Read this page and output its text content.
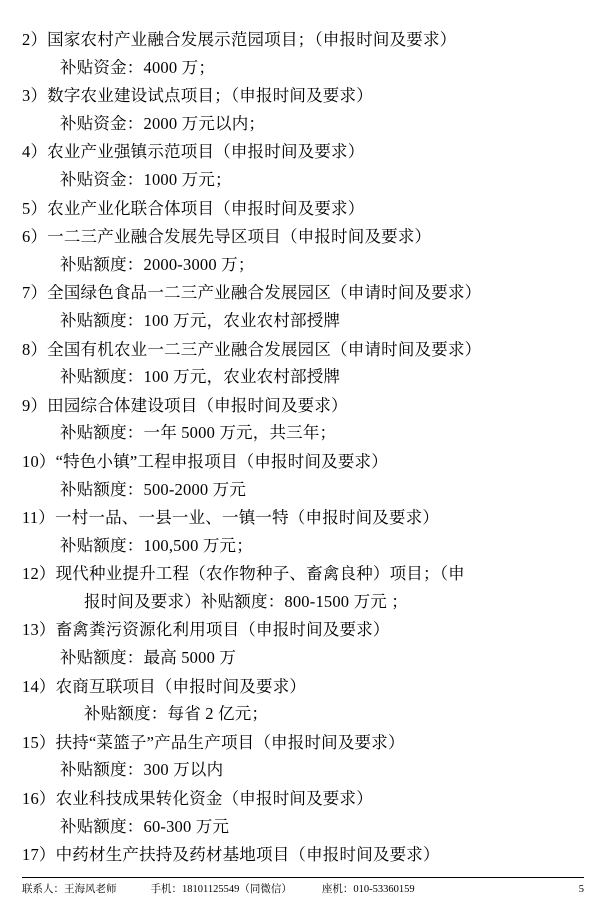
2）国家农村产业融合发展示范园项目；（申报时间及要求）
补贴资金：4000 万；
3）数字农业建设试点项目；（申报时间及要求）
补贴资金：2000 万元以内；
4）农业产业强镇示范项目（申报时间及要求）
补贴资金：1000 万元；
5）农业产业化联合体项目（申报时间及要求）
6）一二三产业融合发展先导区项目（申报时间及要求）
补贴额度：2000-3000 万；
7）全国绿色食品一二三产业融合发展园区（申请时间及要求）
补贴额度：100 万元，农业农村部授牌
8）全国有机农业一二三产业融合发展园区（申请时间及要求）
补贴额度：100 万元，农业农村部授牌
9）田园综合体建设项目（申报时间及要求）
补贴额度：一年 5000 万元，共三年；
10）“特色小镇”工程申报项目（申报时间及要求）
补贴额度：500-2000 万元
11）一村一品、一县一业、一镇一特（申报时间及要求）
补贴额度：100,500 万元；
12）现代种业提升工程（农作物种子、畜禽良种）项目；（申
报时间及要求）补贴额度：800-1500 万元 ；
13）畜禽粪污资源化利用项目（申报时间及要求）
补贴额度：最高 5000 万
14）农商互联项目（申报时间及要求）
补贴额度：每省 2 亿元；
15）扶持“菜篮子”产品生产项目（申报时间及要求）
补贴额度：300 万以内
16）农业科技成果转化资金（申报时间及要求）
补贴额度：60-300 万元
17）中药材生产扶持及药材基地项目（申报时间及要求）
联系人：王海风老师	手机：18101125549（同微信）	座机：010-53360159	5
